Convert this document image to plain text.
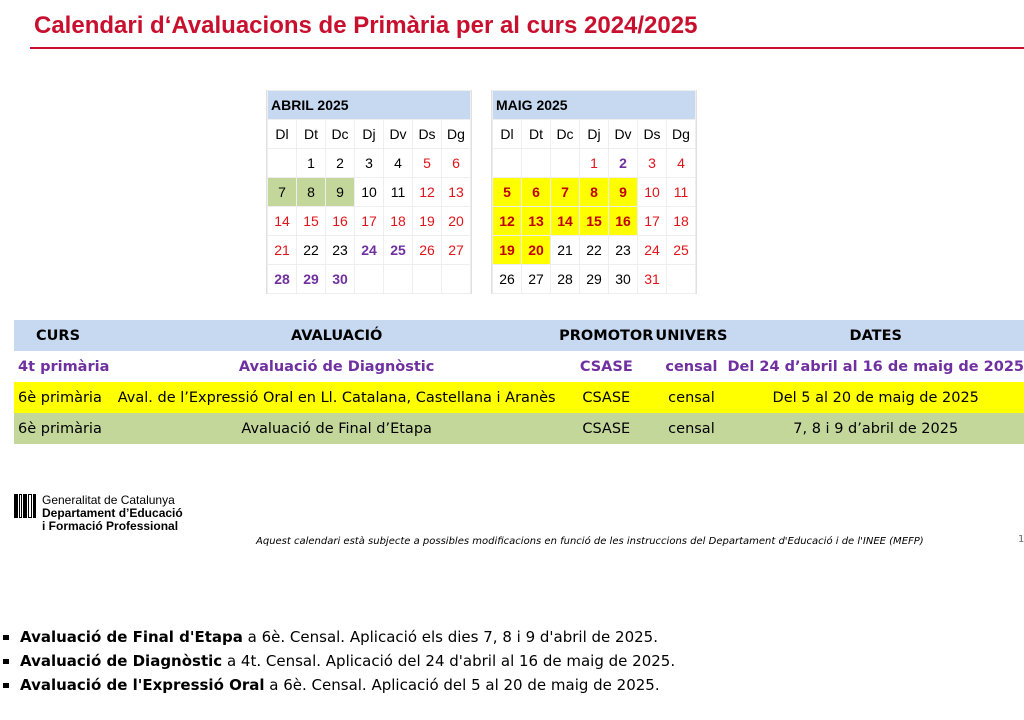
Calendari d‘Avaluacions de Primària per al curs 2024/2025
ABRIL 2025						
Dl	Dt	Dc	Dj	Dv	Ds	Dg
	1	2	3	4	5	6
7	8	9	10	11	12	13
14	15	16	17	18	19	20
21	22	23	24	25	26	27
28	29	30				
MAIG 2025						
Dl	Dt	Dc	Dj	Dv	Ds	Dg
			1	2	3	4
5	6	7	8	9	10	11
12	13	14	15	16	17	18
19	20	21	22	23	24	25
26	27	28	29	30	31	
CURS	AVALUACIÓ	PROMOTOR	UNIVERS	DATES
4t primària	Avaluació de Diagnòstic	CSASE	censal	Del 24 d’abril al 16 de maig de 2025
6è primària	Aval. de l’Expressió Oral en Ll. Catalana, Castellana i Aranès	CSASE	censal	Del 5 al 20 de maig de 2025
6è primària	Avaluació de Final d’Etapa	CSASE	censal	7, 8 i 9 d’abril de 2025
Generalitat de Catalunya
Departament d’Educació
i Formació Professional
Aquest calendari està subjecte a possibles modificacions en funció de les instruccions del Departament d'Educació i de l'INEE (MEFP)	1
Avaluació de Final d'Etapa a 6è. Censal. Aplicació els dies 7, 8 i 9 d'abril de 2025.
Avaluació de Diagnòstic a 4t. Censal. Aplicació del 24 d'abril al 16 de maig de 2025.
Avaluació de l'Expressió Oral a 6è. Censal. Aplicació del 5 al 20 de maig de 2025.
